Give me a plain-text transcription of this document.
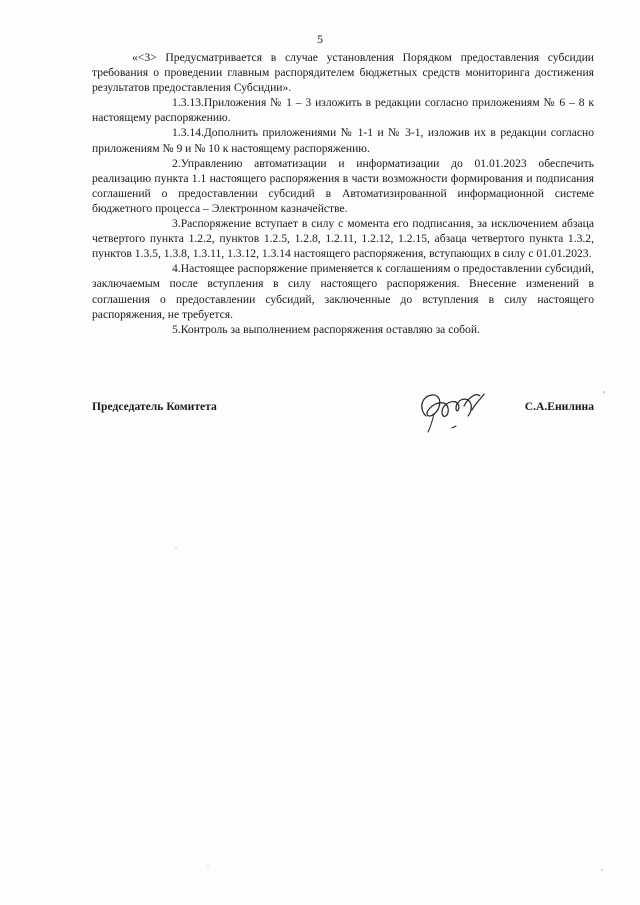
5

«<3> Предусматривается в случае установления Порядком предоставления субсидии требования о проведении главным распорядителем бюджетных средств мониторинга достижения результатов предоставления Субсидии».

1.3.13.Приложения № 1 – 3 изложить в редакции согласно приложениям № 6 – 8 к настоящему распоряжению.

1.3.14.Дополнить приложениями № 1-1 и № 3-1, изложив их в редакции согласно приложениям № 9 и № 10 к настоящему распоряжению.

2.Управлению автоматизации и информатизации до 01.01.2023 обеспечить реализацию пункта 1.1 настоящего распоряжения в части возможности формирования и подписания соглашений о предоставлении субсидий в Автоматизированной информационной системе бюджетного процесса – Электронном казначействе.

3.Распоряжение вступает в силу с момента его подписания, за исключением абзаца четвертого пункта 1.2.2, пунктов 1.2.5, 1.2.8, 1.2.11, 1.2.12, 1.2.15, абзаца четвертого пункта 1.3.2, пунктов 1.3.5, 1.3.8, 1.3.11, 1.3.12, 1.3.14 настоящего распоряжения, вступающих в силу с 01.01.2023.

4.Настоящее распоряжение применяется к соглашениям о предоставлении субсидий, заключаемым после вступления в силу настоящего распоряжения. Внесение изменений в соглашения о предоставлении субсидий, заключенные до вступления в силу настоящего распоряжения, не требуется.

5.Контроль за выполнением распоряжения оставляю за собой.

Председатель Комитета	С.А.Енилина
